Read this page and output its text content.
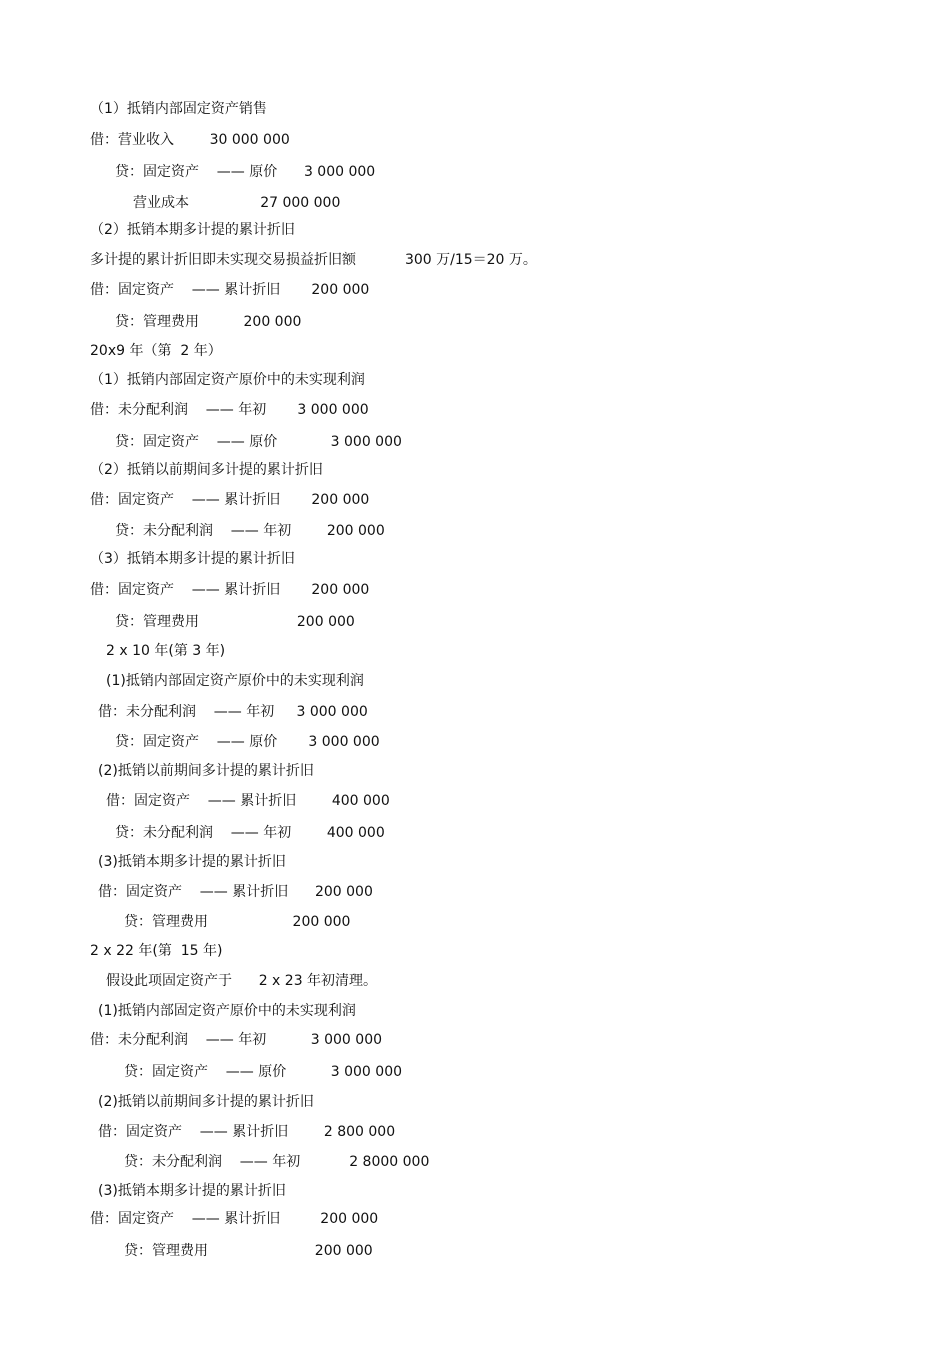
（1）抵销内部固定资产销售
借：营业收入        30 000 000
贷：固定资产    —— 原价      3 000 000
营业成本                27 000 000
（2）抵销本期多计提的累计折旧
多计提的累计折旧即未实现交易损益折旧额           300 万/15＝20 万。
借：固定资产    —— 累计折旧       200 000
贷：管理费用          200 000
20x9 年（第  2 年）
（1）抵销内部固定资产原价中的未实现利润
借：未分配利润    —— 年初       3 000 000
贷：固定资产    —— 原价            3 000 000
（2）抵销以前期间多计提的累计折旧
借：固定资产    —— 累计折旧       200 000
贷：未分配利润    —— 年初        200 000
（3）抵销本期多计提的累计折旧
借：固定资产    —— 累计折旧       200 000
贷：管理费用                      200 000
2 x 10 年(第 3 年)
(1)抵销内部固定资产原价中的未实现利润
借：未分配利润    —— 年初     3 000 000
贷：固定资产    —— 原价       3 000 000
(2)抵销以前期间多计提的累计折旧
借：固定资产    —— 累计折旧        400 000
贷：未分配利润    —— 年初        400 000
(3)抵销本期多计提的累计折旧
借：固定资产    —— 累计折旧      200 000
贷：管理费用                   200 000
2 x 22 年(第  15 年)
假设此项固定资产于      2 x 23 年初清理。
(1)抵销内部固定资产原价中的未实现利润
借：未分配利润    —— 年初          3 000 000
贷：固定资产    —— 原价          3 000 000
(2)抵销以前期间多计提的累计折旧
借：固定资产    —— 累计折旧        2 800 000
贷：未分配利润    —— 年初           2 8000 000
(3)抵销本期多计提的累计折旧
借：固定资产    —— 累计折旧         200 000
贷：管理费用                        200 000
